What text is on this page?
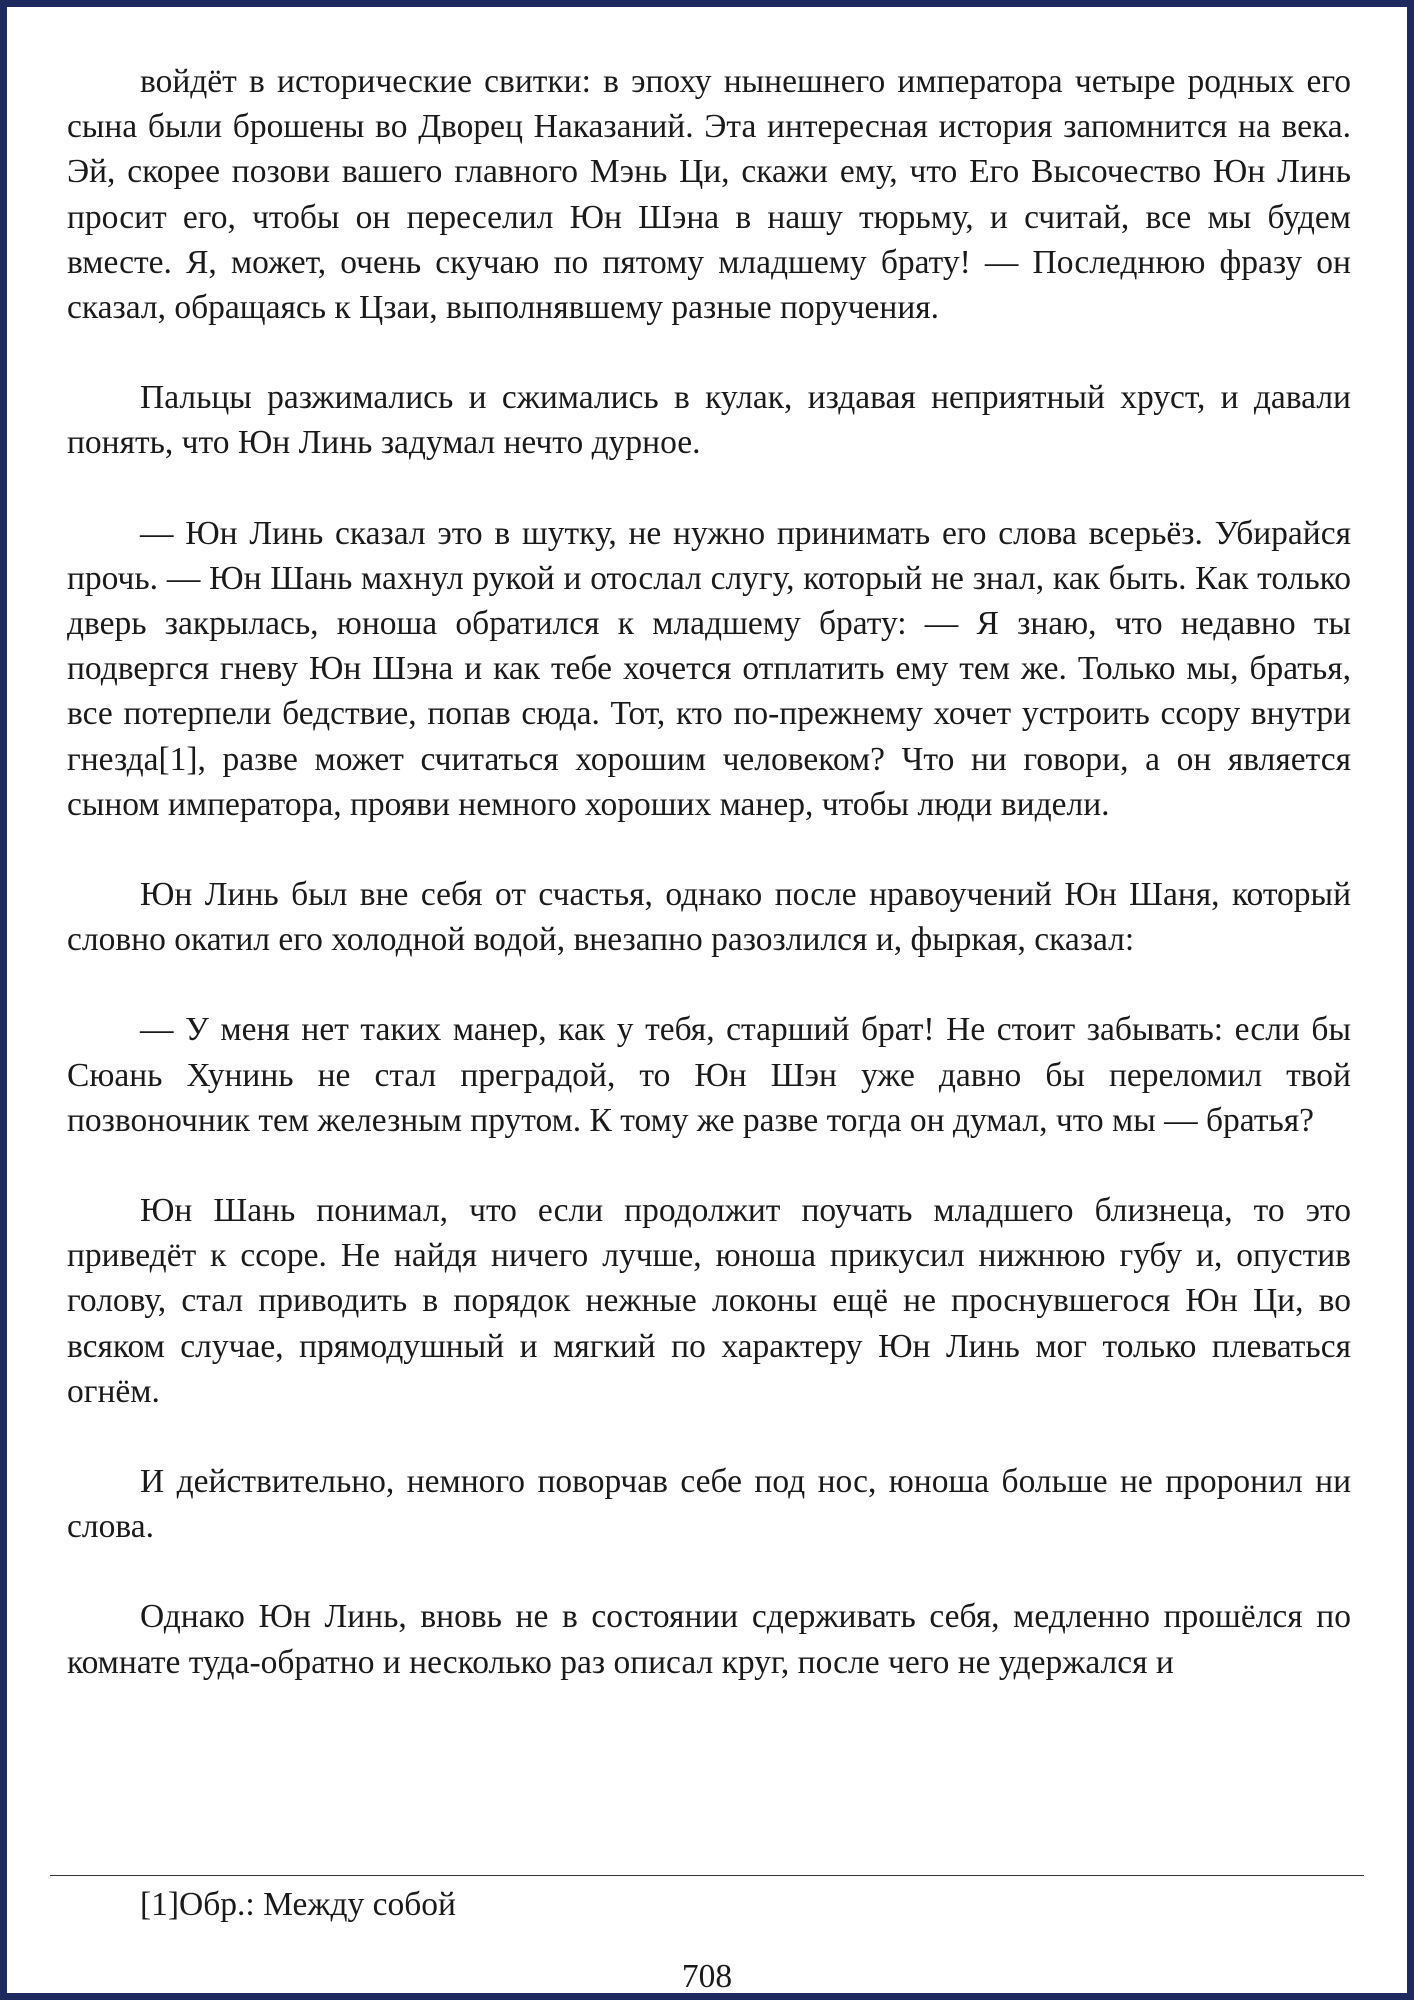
войдёт в исторические свитки: в эпоху нынешнего императора четыре родных его сына были брошены во Дворец Наказаний. Эта интересная история запомнится на века. Эй, скорее позови вашего главного Мэнь Ци, скажи ему, что Его Высочество Юн Линь просит его, чтобы он переселил Юн Шэна в нашу тюрьму, и считай, все мы будем вместе. Я, может, очень скучаю по пятому младшему брату! — Последнюю фразу он сказал, обращаясь к Цзаи, выполнявшему разные поручения.

Пальцы разжимались и сжимались в кулак, издавая неприятный хруст, и давали понять, что Юн Линь задумал нечто дурное.

— Юн Линь сказал это в шутку, не нужно принимать его слова всерьёз. Убирайся прочь. — Юн Шань махнул рукой и отослал слугу, который не знал, как быть. Как только дверь закрылась, юноша обратился к младшему брату: — Я знаю, что недавно ты подвергся гневу Юн Шэна и как тебе хочется отплатить ему тем же. Только мы, братья, все потерпели бедствие, попав сюда. Тот, кто по-прежнему хочет устроить ссору внутри гнезда[1], разве может считаться хорошим человеком? Что ни говори, а он является сыном императора, прояви немного хороших манер, чтобы люди видели.

Юн Линь был вне себя от счастья, однако после нравоучений Юн Шаня, который словно окатил его холодной водой, внезапно разозлился и, фыркая, сказал:

— У меня нет таких манер, как у тебя, старший брат! Не стоит забывать: если бы Сюань Хунинь не стал преградой, то Юн Шэн уже давно бы переломил твой позвоночник тем железным прутом. К тому же разве тогда он думал, что мы — братья?

Юн Шань понимал, что если продолжит поучать младшего близнеца, то это приведёт к ссоре. Не найдя ничего лучше, юноша прикусил нижнюю губу и, опустив голову, стал приводить в порядок нежные локоны ещё не проснувшегося Юн Ци, во всяком случае, прямодушный и мягкий по характеру Юн Линь мог только плеваться огнём.

И действительно, немного поворчав себе под нос, юноша больше не проронил ни слова.

Однако Юн Линь, вновь не в состоянии сдерживать себя, медленно прошёлся по комнате туда-обратно и несколько раз описал круг, после чего не удержался и

[1]Обр.: Между собой
708
